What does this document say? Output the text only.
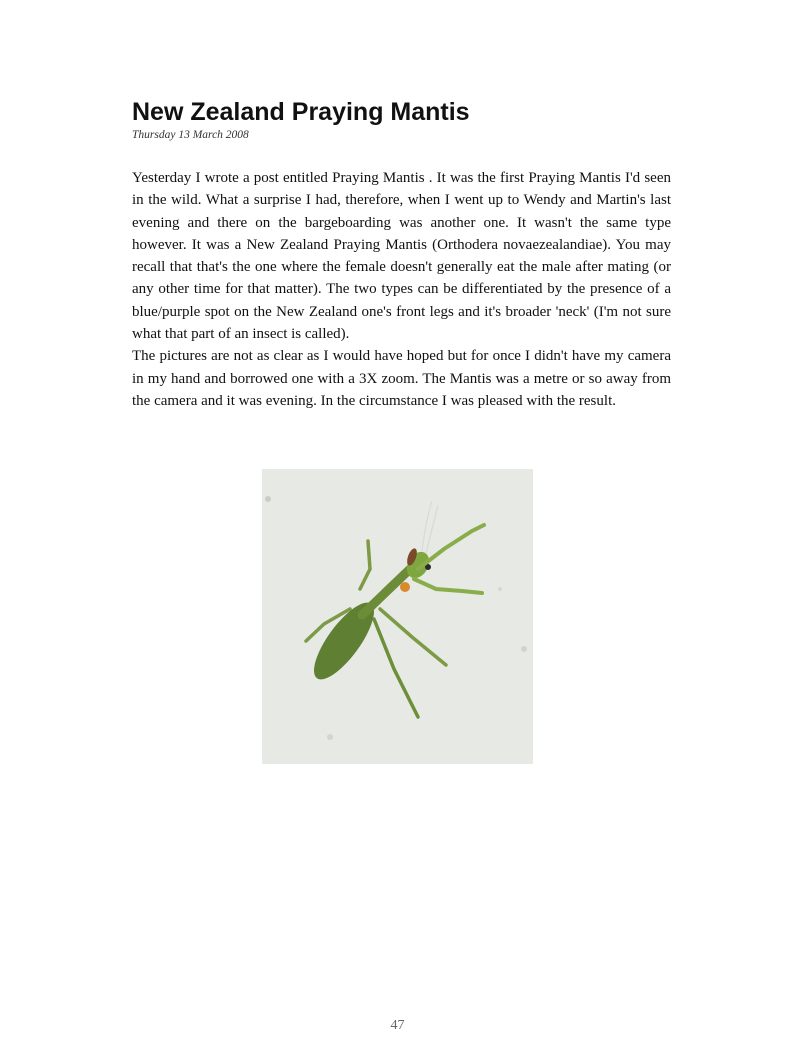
New Zealand Praying Mantis
Thursday 13 March 2008

Yesterday I wrote a post entitled Praying Mantis . It was the first Praying Mantis I'd seen in the wild. What a surprise I had, therefore, when I went up to Wendy and Martin's last evening and there on the bargeboarding was another one. It wasn't the same type however. It was a New Zealand Praying Mantis (Orthodera novaezealandiae). You may recall that that's the one where the female doesn't generally eat the male after mating (or any other time for that matter). The two types can be differentiated by the presence of a blue/purple spot on the New Zealand one's front legs and it's broader 'neck' (I'm not sure what that part of an insect is called).

The pictures are not as clear as I would have hoped but for once I didn't have my camera in my hand and borrowed one with a 3X zoom. The Mantis was a metre or so away from the camera and it was evening. In the circumstance I was pleased with the result.

47
